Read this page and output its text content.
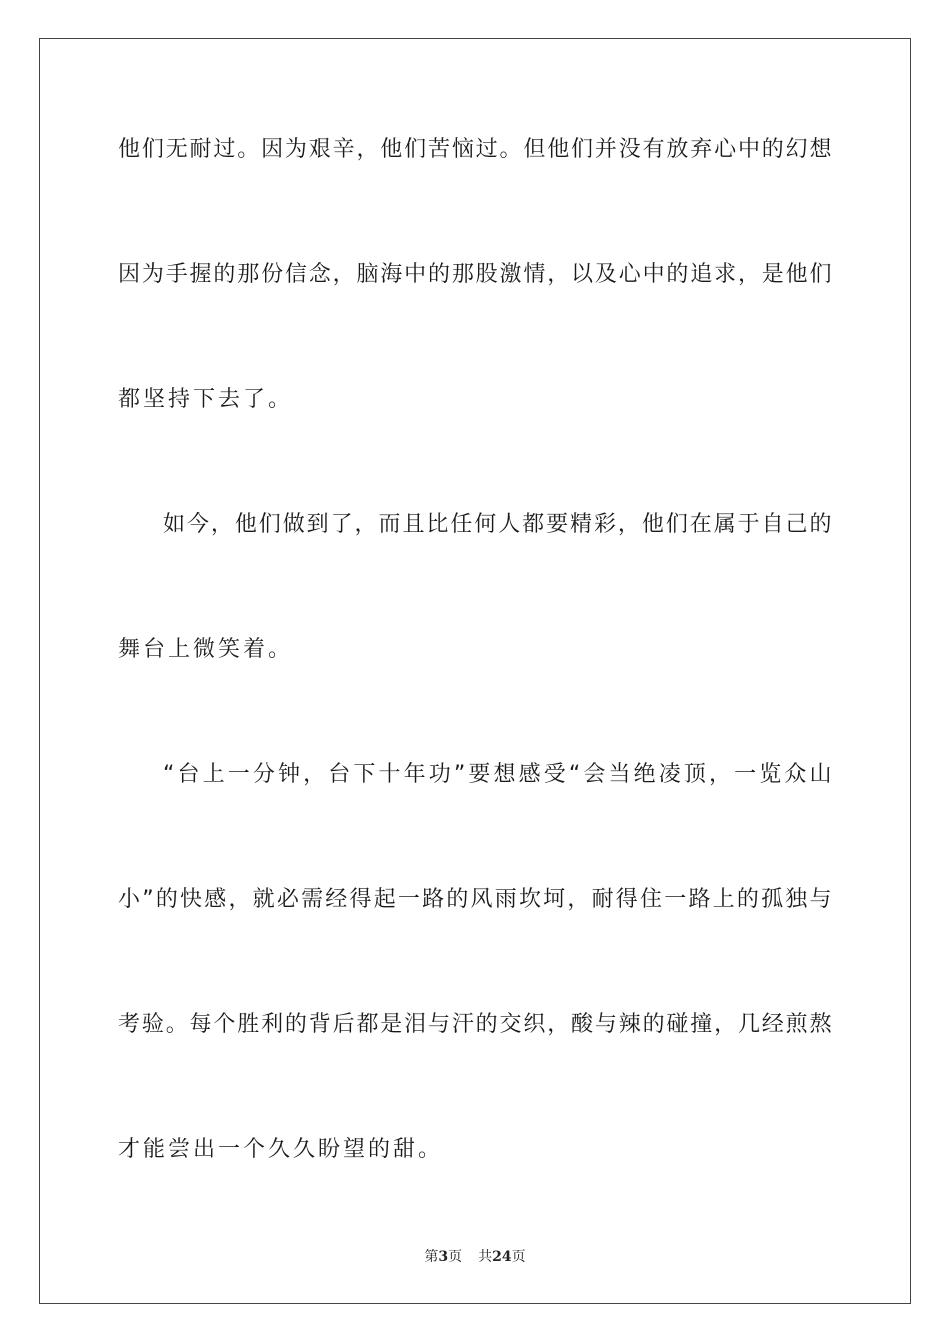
他们无耐过。因为艰辛，他们苦恼过。但他们并没有放弃心中的幻想
因为手握的那份信念，脑海中的那股激情，以及心中的追求，是他们
都坚持下去了。
如今，他们做到了，而且比任何人都要精彩，他们在属于自己的
舞台上微笑着。
“台上一分钟，台下十年功”要想感受“会当绝凌顶，一览众山
小”的快感，就必需经得起一路的风雨坎坷，耐得住一路上的孤独与
考验。每个胜利的背后都是泪与汗的交织，酸与辣的碰撞，几经煎熬
才能尝出一个久久盼望的甜。
第3页 共24页
